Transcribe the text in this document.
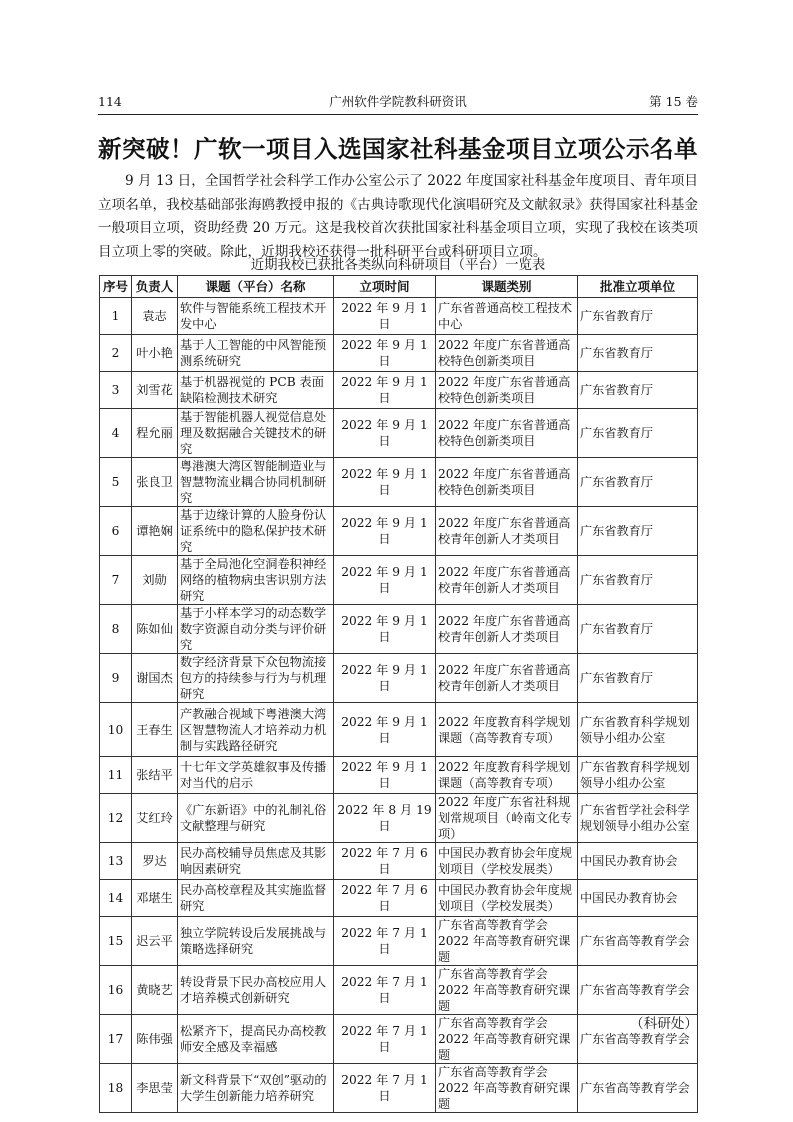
114	广州软件学院教科研资讯	第 15 卷
新突破！广软一项目入选国家社科基金项目立项公示名单

9 月 13 日，全国哲学社会科学工作办公室公示了 2022 年度国家社科基金年度项目、青年项目立项名单，我校基础部张海鸥教授申报的《古典诗歌现代化演唱研究及文献叙录》获得国家社科基金一般项目立项，资助经费 20 万元。这是我校首次获批国家社科基金项目立项，实现了我校在该类项目立项上零的突破。除此，近期我校还获得一批科研平台或科研项目立项。

近期我校已获批各类纵向科研项目（平台）一览表
序号	负责人	课题（平台）名称	立项时间	课题类别	批准立项单位
1	袁志	软件与智能系统工程技术开发中心	2022 年 9 月 1 日	广东省普通高校工程技术中心	广东省教育厅
2	叶小艳	基于人工智能的中风智能预测系统研究	2022 年 9 月 1 日	2022 年度广东省普通高校特色创新类项目	广东省教育厅
3	刘雪花	基于机器视觉的 PCB 表面缺陷检测技术研究	2022 年 9 月 1 日	2022 年度广东省普通高校特色创新类项目	广东省教育厅
4	程允丽	基于智能机器人视觉信息处理及数据融合关键技术的研究	2022 年 9 月 1 日	2022 年度广东省普通高校特色创新类项目	广东省教育厅
5	张良卫	粤港澳大湾区智能制造业与智慧物流业耦合协同机制研究	2022 年 9 月 1 日	2022 年度广东省普通高校特色创新类项目	广东省教育厅
6	谭艳娴	基于边缘计算的人脸身份认证系统中的隐私保护技术研究	2022 年 9 月 1 日	2022 年度广东省普通高校青年创新人才类项目	广东省教育厅
7	刘勋	基于全局池化空洞卷积神经网络的植物病虫害识别方法研究	2022 年 9 月 1 日	2022 年度广东省普通高校青年创新人才类项目	广东省教育厅
8	陈如仙	基于小样本学习的动态数学数字资源自动分类与评价研究	2022 年 9 月 1 日	2022 年度广东省普通高校青年创新人才类项目	广东省教育厅
9	谢国杰	数字经济背景下众包物流接包方的持续参与行为与机理研究	2022 年 9 月 1 日	2022 年度广东省普通高校青年创新人才类项目	广东省教育厅
10	王春生	产教融合视域下粤港澳大湾区智慧物流人才培养动力机制与实践路径研究	2022 年 9 月 1 日	2022 年度教育科学规划课题（高等教育专项）	广东省教育科学规划领导小组办公室
11	张结平	十七年文学英雄叙事及传播对当代的启示	2022 年 9 月 1 日	2022 年度教育科学规划课题（高等教育专项）	广东省教育科学规划领导小组办公室
12	艾红玲	《广东新语》中的礼制礼俗文献整理与研究	2022 年 8 月 19 日	2022 年度广东省社科规划常规项目（岭南文化专项）	广东省哲学社会科学规划领导小组办公室
13	罗达	民办高校辅导员焦虑及其影响因素研究	2022 年 7 月 6 日	中国民办教育协会年度规划项目（学校发展类）	中国民办教育协会
14	邓堪生	民办高校章程及其实施监督研究	2022 年 7 月 6 日	中国民办教育协会年度规划项目（学校发展类）	中国民办教育协会
15	迟云平	独立学院转设后发展挑战与策略选择研究	2022 年 7 月 1 日	广东省高等教育学会 2022 年高等教育研究课题	广东省高等教育学会
16	黄晓艺	转设背景下民办高校应用人才培养模式创新研究	2022 年 7 月 1 日	广东省高等教育学会 2022 年高等教育研究课题	广东省高等教育学会
17	陈伟强	松紧齐下，提高民办高校教师安全感及幸福感	2022 年 7 月 1 日	广东省高等教育学会 2022 年高等教育研究课题	广东省高等教育学会
18	李思莹	新文科背景下“双创”驱动的大学生创新能力培养研究	2022 年 7 月 1 日	广东省高等教育学会 2022 年高等教育研究课题	广东省高等教育学会
（科研处）
